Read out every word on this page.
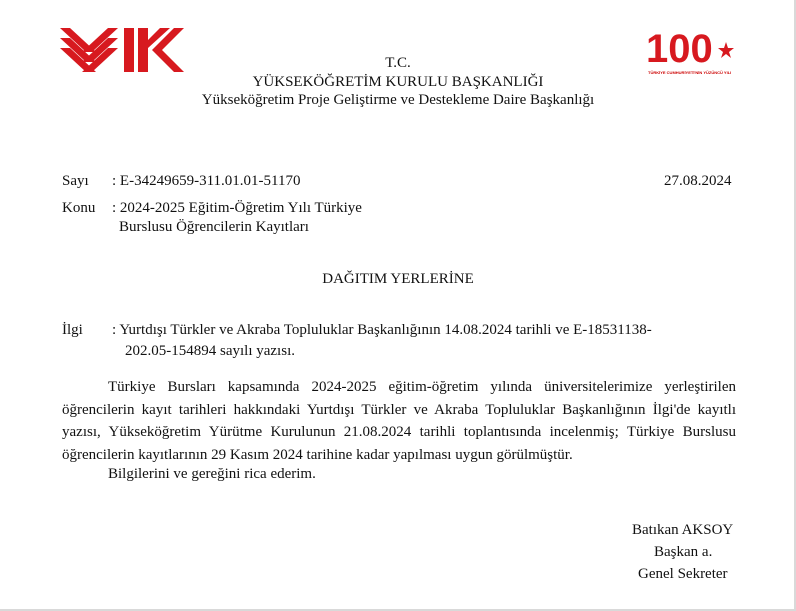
100
TÜRKİYE CUMHURİYETİ'NİN YÜZÜNCÜ YILI
T.C.
YÜKSEKÖĞRETİM KURULU BAŞKANLIĞI
Yükseköğretim Proje Geliştirme ve Destekleme Daire Başkanlığı
Sayı : E-34249659-311.01.01-51170	27.08.2024
Konu : 2024-2025 Eğitim-Öğretim Yılı Türkiye
Burslusu Öğrencilerin Kayıtları
DAĞITIM YERLERİNE
İlgi : Yurtdışı Türkler ve Akraba Topluluklar Başkanlığının 14.08.2024 tarihli ve E-18531138-
202.05-154894 sayılı yazısı.
Türkiye Bursları kapsamında 2024-2025 eğitim-öğretim yılında üniversitelerimize yerleştirilen öğrencilerin kayıt tarihleri hakkındaki Yurtdışı Türkler ve Akraba Topluluklar Başkanlığının İlgi'de kayıtlı yazısı, Yükseköğretim Yürütme Kurulunun 21.08.2024 tarihli toplantısında incelenmiş; Türkiye Burslusu öğrencilerin kayıtlarının 29 Kasım 2024 tarihine kadar yapılması uygun görülmüştür.
Bilgilerini ve gereğini rica ederim.
Batıkan AKSOY
Başkan a.
Genel Sekreter
